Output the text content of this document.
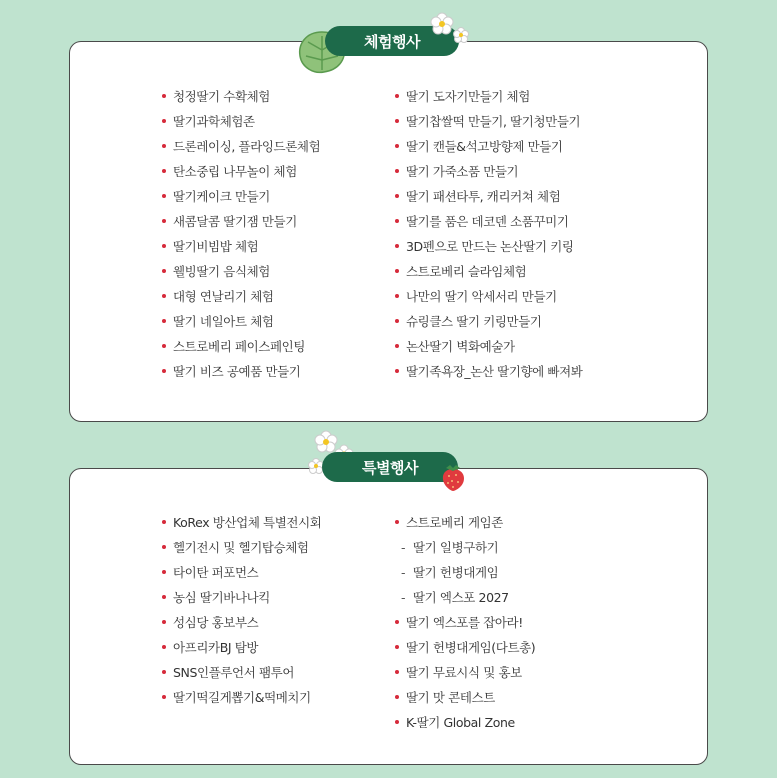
체험행사
청정딸기 수확체험
딸기과학체험존
드론레이싱, 플라잉드론체험
탄소중립 나무놀이 체험
딸기케이크 만들기
새콤달콤 딸기잼 만들기
딸기비빔밥 체험
웰빙딸기 음식체험
대형 연날리기 체험
딸기 네일아트 체험
스트로베리 페이스페인팅
딸기 비즈 공예품 만들기
딸기 도자기만들기 체험
딸기찹쌀떡 만들기, 딸기청만들기
딸기 캔들&석고방향제 만들기
딸기 가죽소품 만들기
딸기 패션타투, 캐리커쳐 체험
딸기를 품은 데코덴 소품꾸미기
3D펜으로 만드는 논산딸기 키링
스트로베리 슬라임체험
나만의 딸기 악세서리 만들기
슈링클스 딸기 키링만들기
논산딸기 벽화예술가
딸기족욕장_논산 딸기향에 빠져봐
특별행사
KoRex 방산업체 특별전시회
헬기전시 및 헬기탑승체험
타이탄 퍼포먼스
농심 딸기바나나킥
성심당 홍보부스
아프리카BJ 탐방
SNS인플루언서 팸투어
딸기떡길게뽑기&떡메치기
스트로베리 게임존
- 딸기 일병구하기
- 딸기 헌병대게임
- 딸기 엑스포 2027
딸기 엑스포를 잡아라!
딸기 헌병대게임(다트총)
딸기 무료시식 및 홍보
딸기 맛 콘테스트
K-딸기 Global Zone
